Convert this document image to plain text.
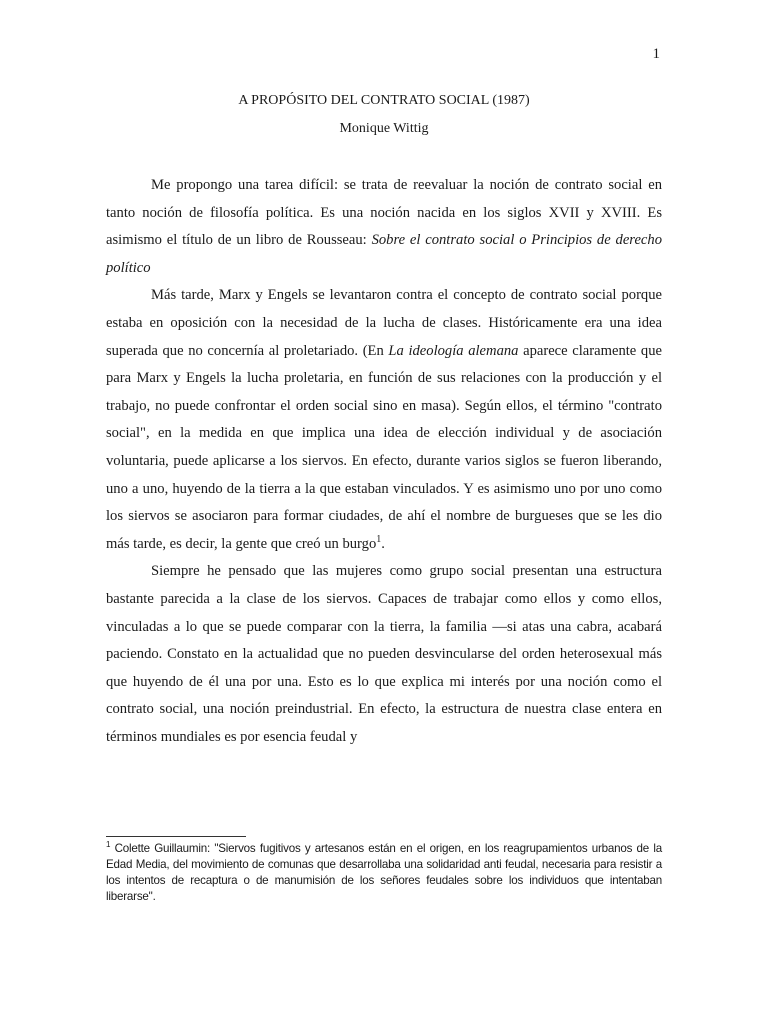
1
A PROPÓSITO DEL CONTRATO SOCIAL (1987)
Monique Wittig

Me propongo una tarea difícil: se trata de reevaluar la noción de contrato social en tanto noción de filosofía política. Es una noción nacida en los siglos XVII y XVIII. Es asimismo el título de un libro de Rousseau: Sobre el contrato social o Principios de derecho político

Más tarde, Marx y Engels se levantaron contra el concepto de contrato social porque estaba en oposición con la necesidad de la lucha de clases. Históricamente era una idea superada que no concernía al proletariado. (En La ideología alemana aparece claramente que para Marx y Engels la lucha proletaria, en función de sus relaciones con la producción y el trabajo, no puede confrontar el orden social sino en masa). Según ellos, el término "contrato social", en la medida en que implica una idea de elección individual y de asociación voluntaria, puede aplicarse a los siervos. En efecto, durante varios siglos se fueron liberando, uno a uno, huyendo de la tierra a la que estaban vinculados. Y es asimismo uno por uno como los siervos se asociaron para formar ciudades, de ahí el nombre de burgueses que se les dio más tarde, es decir, la gente que creó un burgo$^1$.

Siempre he pensado que las mujeres como grupo social presentan una estructura bastante parecida a la clase de los siervos. Capaces de trabajar como ellos y como ellos, vinculadas a lo que se puede comparar con la tierra, la familia —si atas una cabra, acabará paciendo. Constato en la actualidad que no pueden desvincularse del orden heterosexual más que huyendo de él una por una. Esto es lo que explica mi interés por una noción como el contrato social, una noción preindustrial. En efecto, la estructura de nuestra clase entera en términos mundiales es por esencia feudal y

$^1$ Colette Guillaumin: "Siervos fugitivos y artesanos están en el origen, en los reagrupamientos urbanos de la Edad Media, del movimiento de comunas que desarrollaba una solidaridad anti feudal, necesaria para resistir a los intentos de recaptura o de manumisión de los señores feudales sobre los individuos que intentaban liberarse".
